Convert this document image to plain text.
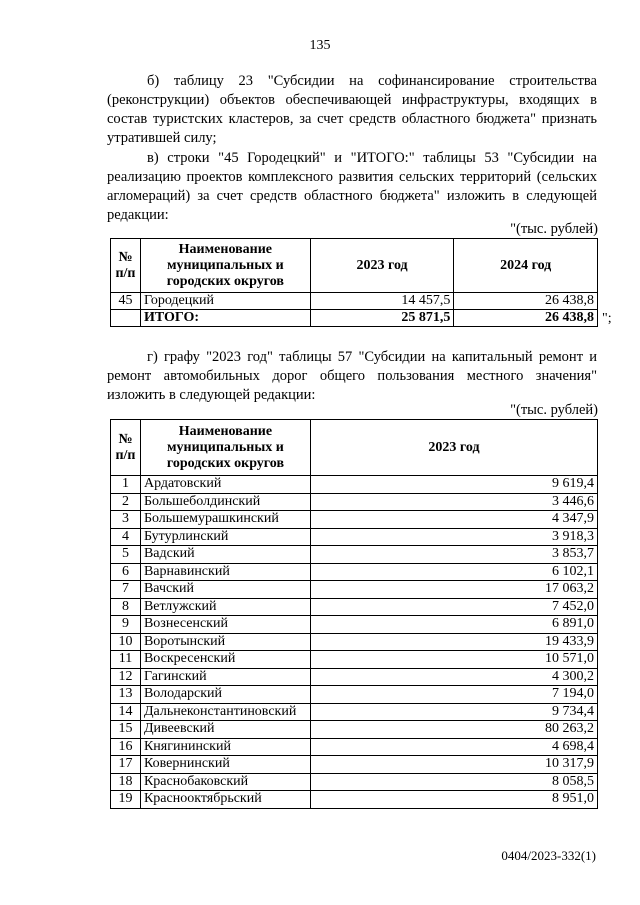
135
б) таблицу 23 "Субсидии на софинансирование строительства (реконструкции) объектов обеспечивающей инфраструктуры, входящих в состав туристских кластеров, за счет средств областного бюджета" признать утратившей силу;
в) строки "45 Городецкий" и "ИТОГО:" таблицы 53 "Субсидии на реализацию проектов комплексного развития сельских территорий (сельских агломераций) за счет средств областного бюджета" изложить в следующей редакции:
"(тыс. рублей)
№ п/п	Наименование муниципальных и городских округов	2023 год	2024 год
45	Городецкий	14 457,5	26 438,8
	ИТОГО:	25 871,5	26 438,8 ";
г) графу "2023 год" таблицы 57 "Субсидии на капитальный ремонт и ремонт автомобильных дорог общего пользования местного значения" изложить в следующей редакции:
"(тыс. рублей)
№ п/п	Наименование муниципальных и городских округов	2023 год
1	Ардатовский	9 619,4
2	Большеболдинский	3 446,6
3	Большемурашкинский	4 347,9
4	Бутурлинский	3 918,3
5	Вадский	3 853,7
6	Варнавинский	6 102,1
7	Вачский	17 063,2
8	Ветлужский	7 452,0
9	Вознесенский	6 891,0
10	Воротынский	19 433,9
11	Воскресенский	10 571,0
12	Гагинский	4 300,2
13	Володарский	7 194,0
14	Дальнеконстантиновский	9 734,4
15	Дивеевский	80 263,2
16	Княгининский	4 698,4
17	Ковернинский	10 317,9
18	Краснобаковский	8 058,5
19	Краснооктябрьский	8 951,0
0404/2023-332(1)
